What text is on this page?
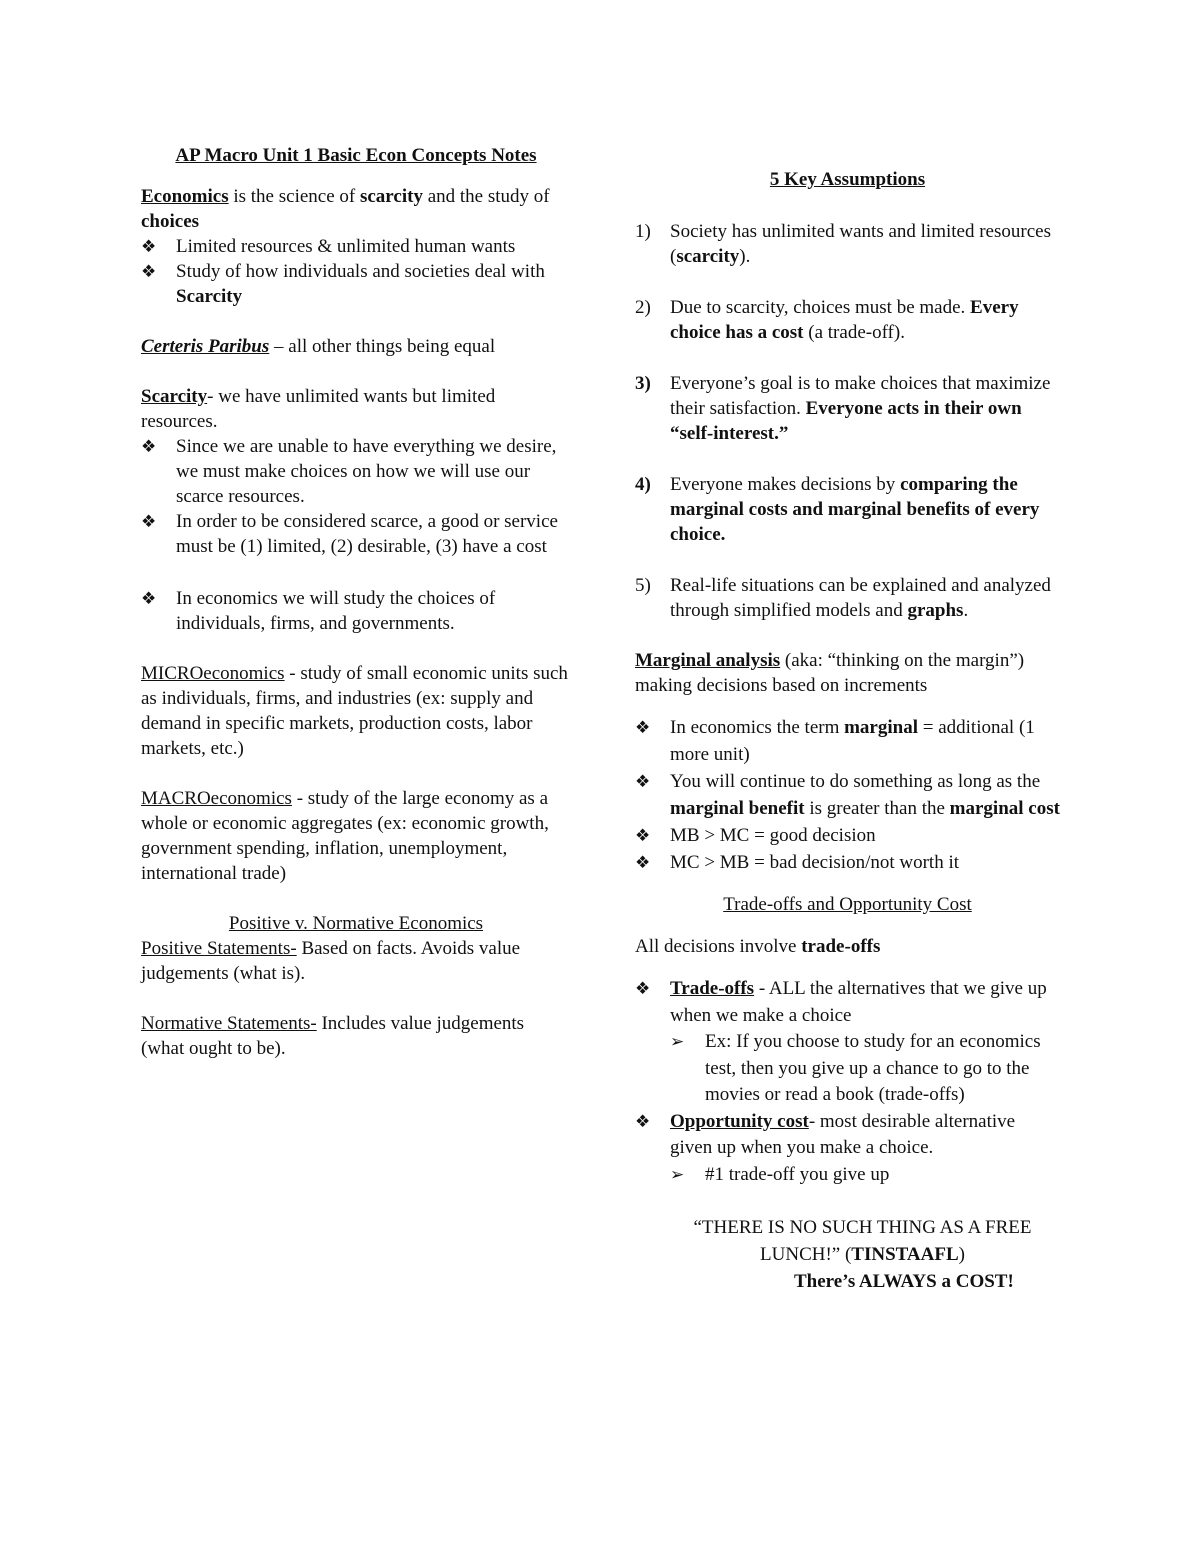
AP Macro Unit 1 Basic Econ Concepts Notes

Economics is the science of scarcity and the study of choices

❖ Limited resources & unlimited human wants

❖ Study of how individuals and societies deal with Scarcity

Certeris Paribus – all other things being equal

Scarcity- we have unlimited wants but limited resources.

❖ Since we are unable to have everything we desire, we must make choices on how we will use our scarce resources.

❖ In order to be considered scarce, a good or service must be (1) limited, (2) desirable, (3) have a cost

❖ In economics we will study the choices of individuals, firms, and governments.

MICROeconomics - study of small economic units such as individuals, firms, and industries (ex: supply and demand in specific markets, production costs, labor markets, etc.)

MACROeconomics - study of the large economy as a whole or economic aggregates (ex: economic growth, government spending, inflation, unemployment, international trade)

Positive v. Normative Economics

Positive Statements- Based on facts. Avoids value judgements (what is).

Normative Statements- Includes value judgements (what ought to be).

5 Key Assumptions

1) Society has unlimited wants and limited resources (scarcity).

2) Due to scarcity, choices must be made. Every choice has a cost (a trade-off).

3) Everyone’s goal is to make choices that maximize their satisfaction. Everyone acts in their own “self-interest.”

4) Everyone makes decisions by comparing the marginal costs and marginal benefits of every choice.

5) Real-life situations can be explained and analyzed through simplified models and graphs.

Marginal analysis (aka: “thinking on the margin”) making decisions based on increments

❖ In economics the term marginal = additional (1 more unit)

❖ You will continue to do something as long as the marginal benefit is greater than the marginal cost

❖ MB > MC = good decision

❖ MC > MB = bad decision/not worth it

Trade-offs and Opportunity Cost

All decisions involve trade-offs

❖ Trade-offs - ALL the alternatives that we give up when we make a choice

➢ Ex: If you choose to study for an economics test, then you give up a chance to go to the movies or read a book (trade-offs)

❖ Opportunity cost- most desirable alternative given up when you make a choice.

➢ #1 trade-off you give up

“THERE IS NO SUCH THING AS A FREE LUNCH!” (TINSTAAFL)

There’s ALWAYS a COST!
